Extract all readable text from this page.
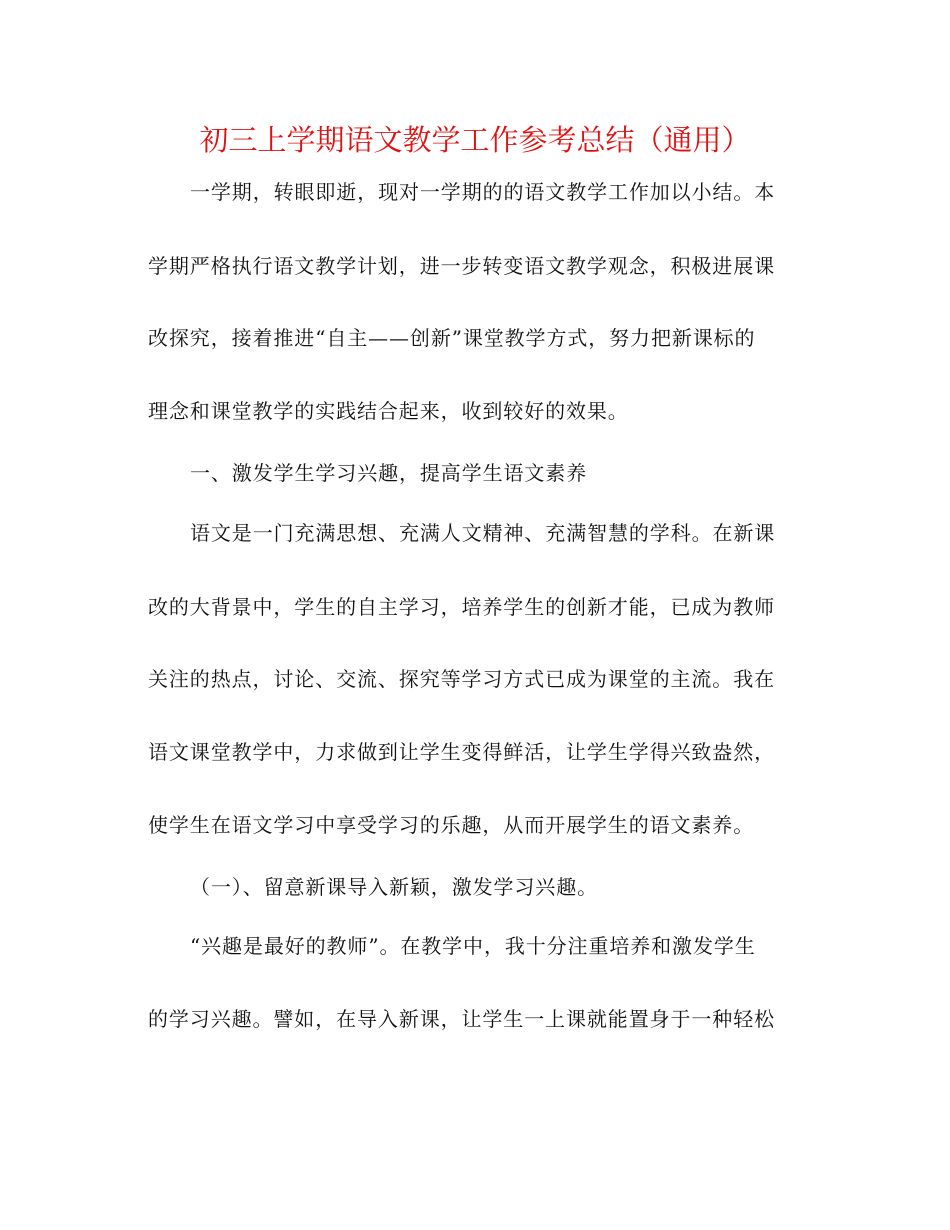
初三上学期语文教学工作参考总结（通用）
一学期，转眼即逝，现对一学期的的语文教学工作加以小结。本
学期严格执行语文教学计划，进一步转变语文教学观念，积极进展课
改探究，接着推进“自主——创新”课堂教学方式，努力把新课标的
理念和课堂教学的实践结合起来，收到较好的效果。
一、激发学生学习兴趣，提高学生语文素养
语文是一门充满思想、充满人文精神、充满智慧的学科。在新课
改的大背景中，学生的自主学习，培养学生的创新才能，已成为教师
关注的热点，讨论、交流、探究等学习方式已成为课堂的主流。我在
语文课堂教学中，力求做到让学生变得鲜活，让学生学得兴致盎然，
使学生在语文学习中享受学习的乐趣，从而开展学生的语文素养。
（一）、留意新课导入新颖，激发学习兴趣。
“兴趣是最好的教师”。在教学中，我十分注重培养和激发学生
的学习兴趣。譬如，在导入新课，让学生一上课就能置身于一种轻松
